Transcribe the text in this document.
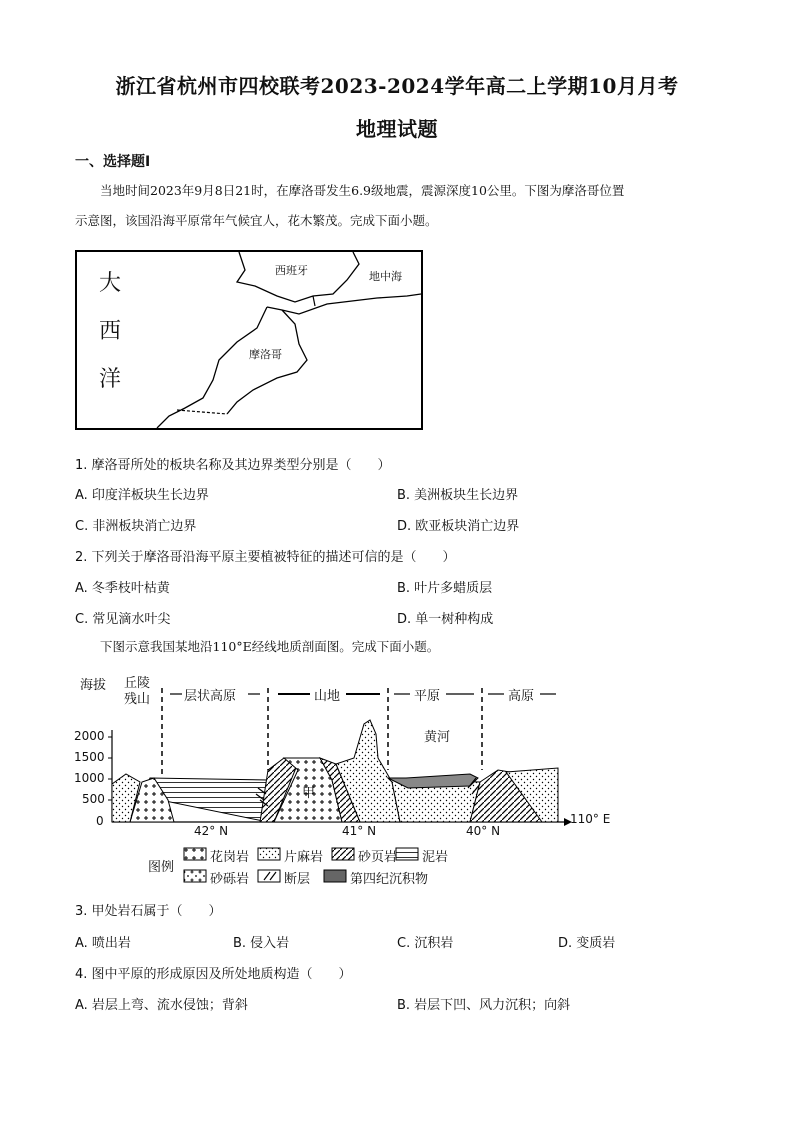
浙江省杭州市四校联考2023-2024学年高二上学期10月月考
地理试题
一、选择题Ⅰ
当地时间2023年9月8日21时，在摩洛哥发生6.9级地震，震源深度10公里。下图为摩洛哥位置
示意图，该国沿海平原常年气候宜人，花木繁茂。完成下面小题。
大
西
洋
西班牙	地中海
摩洛哥
1. 摩洛哥所处的板块名称及其边界类型分别是（　　）
A. 印度洋板块生长边界	B. 美洲板块生长边界
C. 非洲板块消亡边界	D. 欧亚板块消亡边界
2. 下列关于摩洛哥沿海平原主要植被特征的描述可信的是（　　）
A. 冬季枝叶枯黄	B. 叶片多蜡质层
C. 常见滴水叶尖	D. 单一树种构成
下图示意我国某地沿110°E经线地质剖面图。完成下面小题。
海拔 丘陵
残山	层状高原	山地	平原	高原
2000
1500
1000
500
0
42° N	41° N	40° N
110° E
黄河
甲
图例
花岗岩	片麻岩	砂页岩 泥岩
砂砾岩	断层	第四纪沉积物
3. 甲处岩石属于（　　）
A. 喷出岩	B. 侵入岩	C. 沉积岩	D. 变质岩
4. 图中平原的形成原因及所处地质构造（　　）
A. 岩层上弯、流水侵蚀；背斜	B. 岩层下凹、风力沉积；向斜
